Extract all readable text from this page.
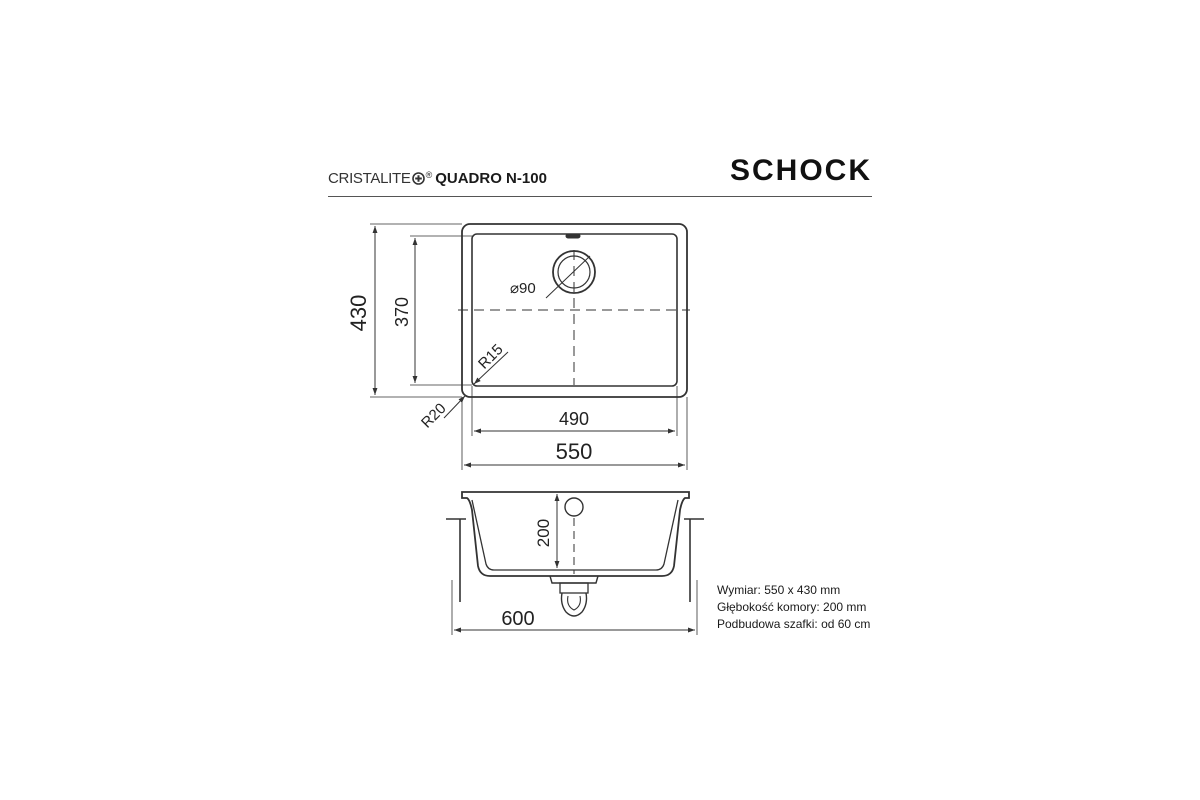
CRISTALITE ® QUADRO N-100	SCHOCK
430 370
⌀90
R15
R20	490
550
200
600
Wymiar: 550 x 430 mm
Głębokość komory: 200 mm
Podbudowa szafki: od 60 cm
